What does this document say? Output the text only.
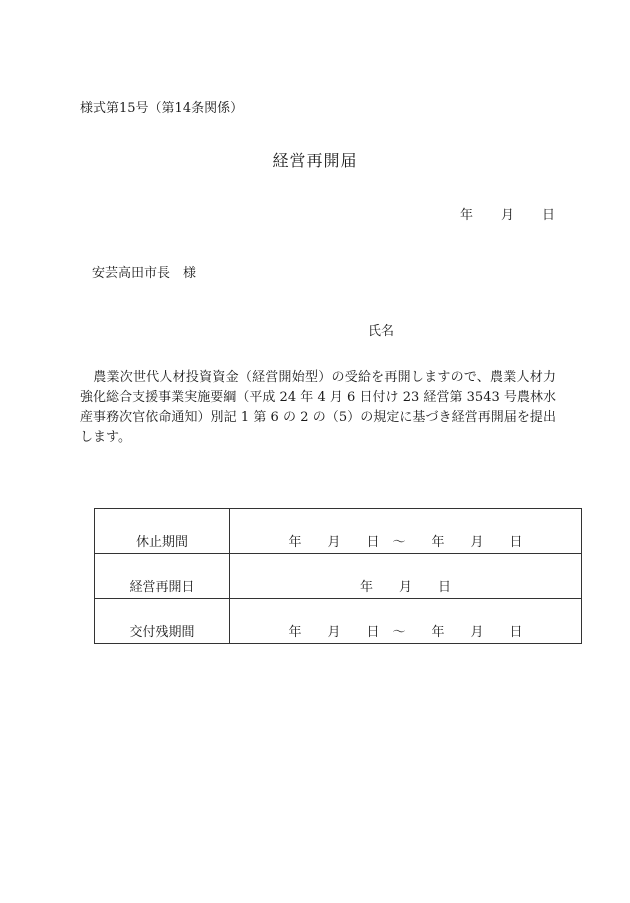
様式第15号（第14条関係）
経営再開届
年 月 日
安芸高田市長　様
氏名
　農業次世代人材投資資金（経営開始型）の受給を再開しますので、農業人材力強化総合支援事業実施要綱（平成 24 年 4 月 6 日付け 23 経営第 3543 号農林水産事務次官依命通知）別記 1 第 6 の 2 の（5）の規定に基づき経営再開届を提出します。
休止期間	年　　月　　日　～　　年　　月　　日
経営再開日	年　　月　　日
交付残期間	年　　月　　日　～　　年　　月　　日
